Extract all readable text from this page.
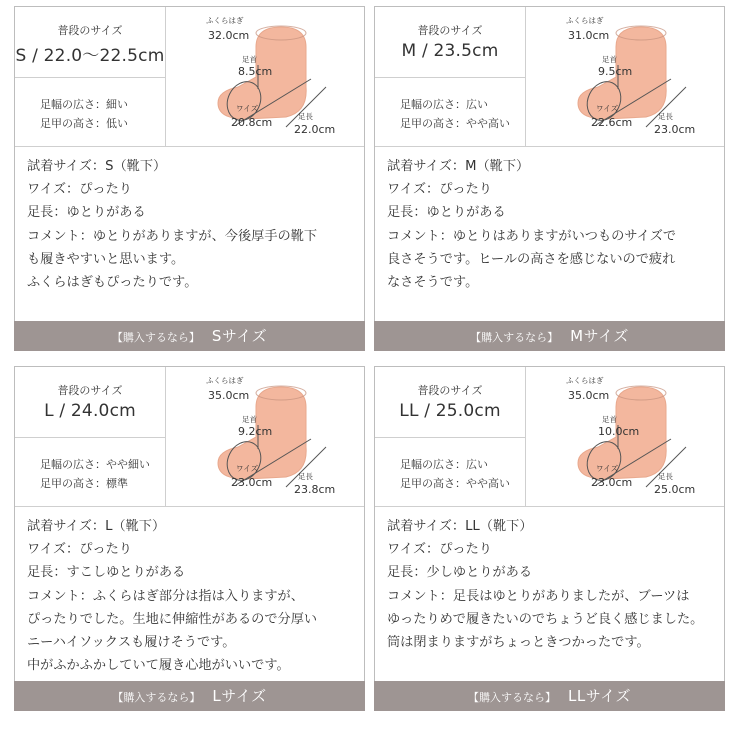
普段のサイズ
S / 22.0〜22.5cm
足幅の広さ：細い
足甲の高さ：低い
ふくらはぎ
32.0cm
足首
8.5cm
ワイズ
20.8cm	足長
22.0cm
試着サイズ：S（靴下）
ワイズ：ぴったり
足長：ゆとりがある
コメント：ゆとりがありますが、今後厚手の靴下
も履きやすいと思います。
ふくらはぎもぴったりです。
【購入するなら】 Sサイズ
普段のサイズ
M / 23.5cm
足幅の広さ：広い
足甲の高さ：やや高い
ふくらはぎ
31.0cm
足首
9.5cm
ワイズ
22.6cm	足長
23.0cm
試着サイズ：M（靴下）
ワイズ：ぴったり
足長：ゆとりがある
コメント：ゆとりはありますがいつものサイズで
良さそうです。ヒールの高さを感じないので疲れ
なさそうです。
【購入するなら】 Mサイズ
普段のサイズ
L / 24.0cm
足幅の広さ：やや細い
足甲の高さ：標準
ふくらはぎ
35.0cm
足首
9.2cm
ワイズ
23.0cm	足長
23.8cm
試着サイズ：L（靴下）
ワイズ：ぴったり
足長：すこしゆとりがある
コメント：ふくらはぎ部分は指は入りますが、
ぴったりでした。生地に伸縮性があるので分厚い
ニーハイソックスも履けそうです。
中がふかふかしていて履き心地がいいです。
【購入するなら】 Lサイズ
普段のサイズ
LL / 25.0cm
足幅の広さ：広い
足甲の高さ：やや高い
ふくらはぎ
35.0cm
足首
10.0cm
ワイズ
23.0cm	足長
25.0cm
試着サイズ：LL（靴下）
ワイズ：ぴったり
足長：少しゆとりがある
コメント：足長はゆとりがありましたが、ブーツは
ゆったりめで履きたいのでちょうど良く感じました。
筒は閉まりますがちょっときつかったです。
【購入するなら】 LLサイズ
